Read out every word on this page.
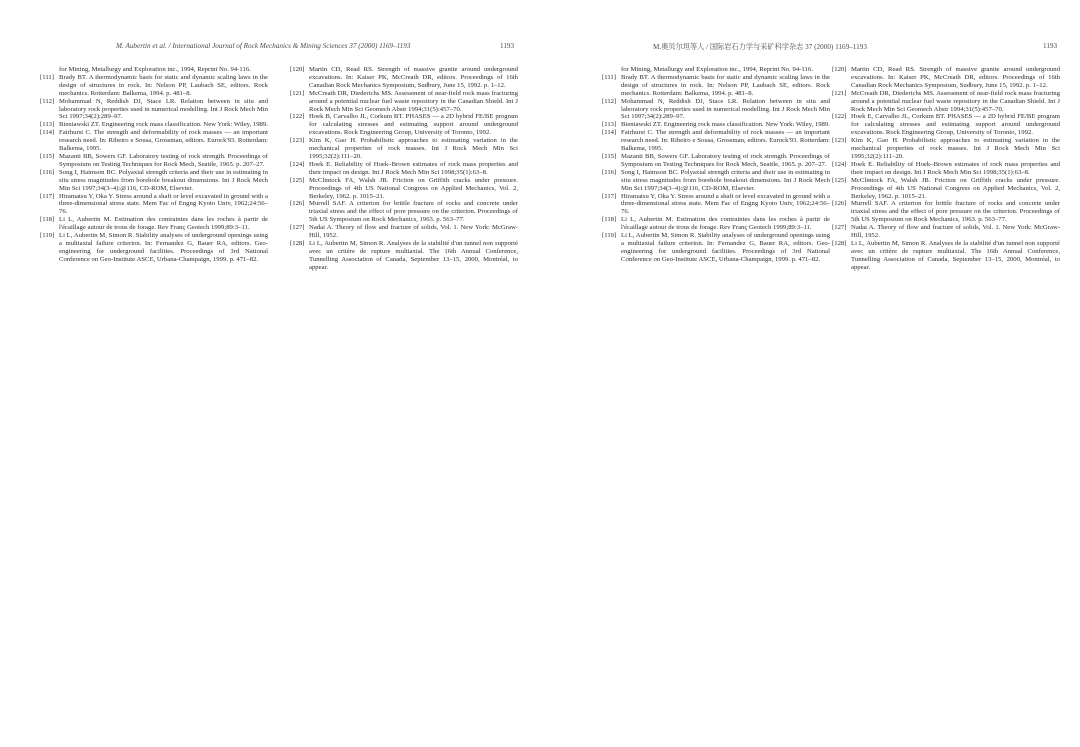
M. Aubertin et al. / International Journal of Rock Mechanics & Mining Sciences 37 (2000) 1169–1193	1193

for Mining, Metallurgy and Exploration inc., 1994, Reprint No. 94-116.

[111] Brady BT. A thermodynamic basis for static and dynamic scaling laws in the design of structures in rock. In: Nelson PP, Laubach SE, editors. Rock mechanics. Rotterdam: Balkema, 1994. p. 481–8.

[112] Mohammad N, Reddish DJ, Stace LR. Relation between in situ and laboratory rock properties used in numerical modelling. Int J Rock Mech Min Sci 1997;34(2):289–97.

[113] Bieniawski ZT. Engineering rock mass classification. New York: Wiley, 1989.

[114] Fairhurst C. The strength and deformability of rock masses — an important research need. In: Ribeiro e Sousa, Grossman, editors. Eurock'93. Rotterdam: Balkema, 1995.

[115] Mazanti BB, Sowers GF. Laboratory testing of rock strength. Proceedings of Symposium on Testing Techniques for Rock Mech, Seattle, 1965. p. 207–27.

[116] Song I, Haimson BC. Polyaxial strength criteria and their use in estimating in situ stress magnitudes from borehole breakout dimensions. Int J Rock Mech Min Sci 1997;34(3–4):@116, CD-ROM, Elsevier.

[117] Hiramatsu Y, Oka Y. Stress around a shaft or level excavated in ground with a three-dimensional stress state. Mem Fac of Engng Kyoto Univ, 1962;24:56–76.

[118] Li L, Aubertin M. Estimation des contraintes dans les roches à partir de l'écaillage autour de trous de forage. Rev Franç Geotech 1999;89:3–11.

[119] Li L, Aubertin M, Simon R. Stability analyses of underground openings using a multiaxial failure criterion. In: Fernandez G, Bauer RA, editors. Geo-engineering for underground facilities. Proceedings of 3rd National Conference on Geo-Institute ASCE, Urbana-Champaign, 1999. p. 471–82.

[120] Martin CD, Read RS. Strength of massive granite around underground excavations. In: Kaiser PK, McCreath DR, editors. Proceedings of 16th Canadian Rock Mechanics Symposium, Sudbury, June 15, 1992. p. 1–12.

[121] McCreath DR, Diederichs MS. Assessment of near-field rock mass fracturing around a potential nuclear fuel waste repository in the Canadian Shield. Int J Rock Mech Min Sci Geomech Abstr 1994;31(5):457–70.

[122] Hoek B, Carvalho JL, Corkum BT. PHASES — a 2D hybrid FE/BE program for calculating stresses and estimating support around underground excavations. Rock Engineering Group, University of Toronto, 1992.

[123] Kim K, Gao H. Probabilistic approaches to estimating variation in the mechanical properties of rock masses. Int J Rock Mech Min Sci 1995;32(2):111–20.

[124] Hoek E. Reliability of Hoek–Brown estimates of rock mass properties and their impact on design. Int J Rock Mech Min Sci 1998;35(1):63–8.

[125] McClintock FA, Walsh JB. Friction on Griffith cracks under pressure. Proceedings of 4th US National Congress on Applied Mechanics, Vol. 2, Berkeley, 1962. p. 1015–21.

[126] Murrell SAF. A criterion for brittle fracture of rocks and concrete under triaxial stress and the effect of pore pressure on the criterion. Proceedings of 5th US Symposium on Rock Mechanics, 1963. p. 563–77.

[127] Nadai A. Theory of flow and fracture of solids, Vol. 1. New York: McGraw-Hill, 1952.

[128] Li L, Aubertin M, Simon R. Analyses de la stabilité d'un tunnel non supporté avec un critère de rupture multiaxial. The 16th Annual Conference, Tunnelling Association of Canada, September 13–15, 2000, Montréal, to appear.

M.奥贝尔坦等人 / 国际岩石力学与采矿科学杂志 37 (2000) 1169–1193	1193

for Mining, Metallurgy and Exploration inc., 1994, Reprint No. 94-116.

[111] Brady BT. A thermodynamic basis for static and dynamic scaling laws in the design of structures in rock. In: Nelson PP, Laubach SE, editors. Rock mechanics. Rotterdam: Balkema, 1994. p. 481–8.

[112] Mohammad N, Reddish DJ, Stace LR. Relation between in situ and laboratory rock properties used in numerical modelling. Int J Rock Mech Min Sci 1997;34(2):289–97.

[113] Bieniawski ZT. Engineering rock mass classification. New York: Wiley, 1989.

[114] Fairhurst C. The strength and deformability of rock masses — an important research need. In: Ribeiro e Sousa, Grossman, editors. Eurock'93. Rotterdam: Balkema, 1995.

[115] Mazanti BB, Sowers GF. Laboratory testing of rock strength. Proceedings of Symposium on Testing Techniques for Rock Mech, Seattle, 1965. p. 207–27.

[116] Song I, Haimson BC. Polyaxial strength criteria and their use in estimating in situ stress magnitudes from borehole breakout dimensions. Int J Rock Mech Min Sci 1997;34(3–4):@116, CD-ROM, Elsevier.

[117] Hiramatsu Y, Oka Y. Stress around a shaft or level excavated in ground with a three-dimensional stress state. Mem Fac of Engng Kyoto Univ, 1962;24:56–76.

[118] Li L, Aubertin M. Estimation des contraintes dans les roches à partir de l'écaillage autour de trous de forage. Rev Franç Geotech 1999;89:3–11.

[119] Li L, Aubertin M, Simon R. Stability analyses of underground openings using a multiaxial failure criterion. In: Fernandez G, Bauer RA, editors. Geo-engineering for underground facilities. Proceedings of 3rd National Conference on Geo-Institute ASCE, Urbana-Champaign, 1999. p. 471–82.

[120] Martin CD, Read RS. Strength of massive granite around underground excavations. In: Kaiser PK, McCreath DR, editors. Proceedings of 16th Canadian Rock Mechanics Symposium, Sudbury, June 15, 1992. p. 1–12.

[121] McCreath DR, Diederichs MS. Assessment of near-field rock mass fracturing around a potential nuclear fuel waste repository in the Canadian Shield. Int J Rock Mech Min Sci Geomech Abstr 1994;31(5):457–70.

[122] Hoek E, Carvalho JL, Corkum BT. PHASES — a 2D hybrid FE/BE program for calculating stresses and estimating support around underground excavations. Rock Engineering Group, University of Toronto, 1992.

[123] Kim K, Gao H. Probabilistic approaches to estimating variation in the mechanical properties of rock masses. Int J Rock Mech Min Sci 1995;32(2):111–20.

[124] Hoek E. Reliability of Hoek–Brown estimates of rock mass properties and their impact on design. Int J Rock Mech Min Sci 1998;35(1):63–8.

[125] McClintock FA, Walsh JB. Friction on Griffith cracks under pressure. Proceedings of 4th US National Congress on Applied Mechanics, Vol. 2, Berkeley, 1962. p. 1015–21.

[126] Murrell SAF. A criterion for brittle fracture of rocks and concrete under triaxial stress and the effect of pore pressure on the criterion. Proceedings of 5th US Symposium on Rock Mechanics, 1963. p. 563–77.

[127] Nadai A. Theory of flow and fracture of solids, Vol. 1. New York: McGraw-Hill, 1952.

[128] Li L, Aubertin M, Simon R. Analyses de la stabilité d'un tunnel non supporté avec un critère de rupture multiaxial. The 16th Annual Conference, Tunnelling Association of Canada, September 13–15, 2000, Montréal, to appear.
